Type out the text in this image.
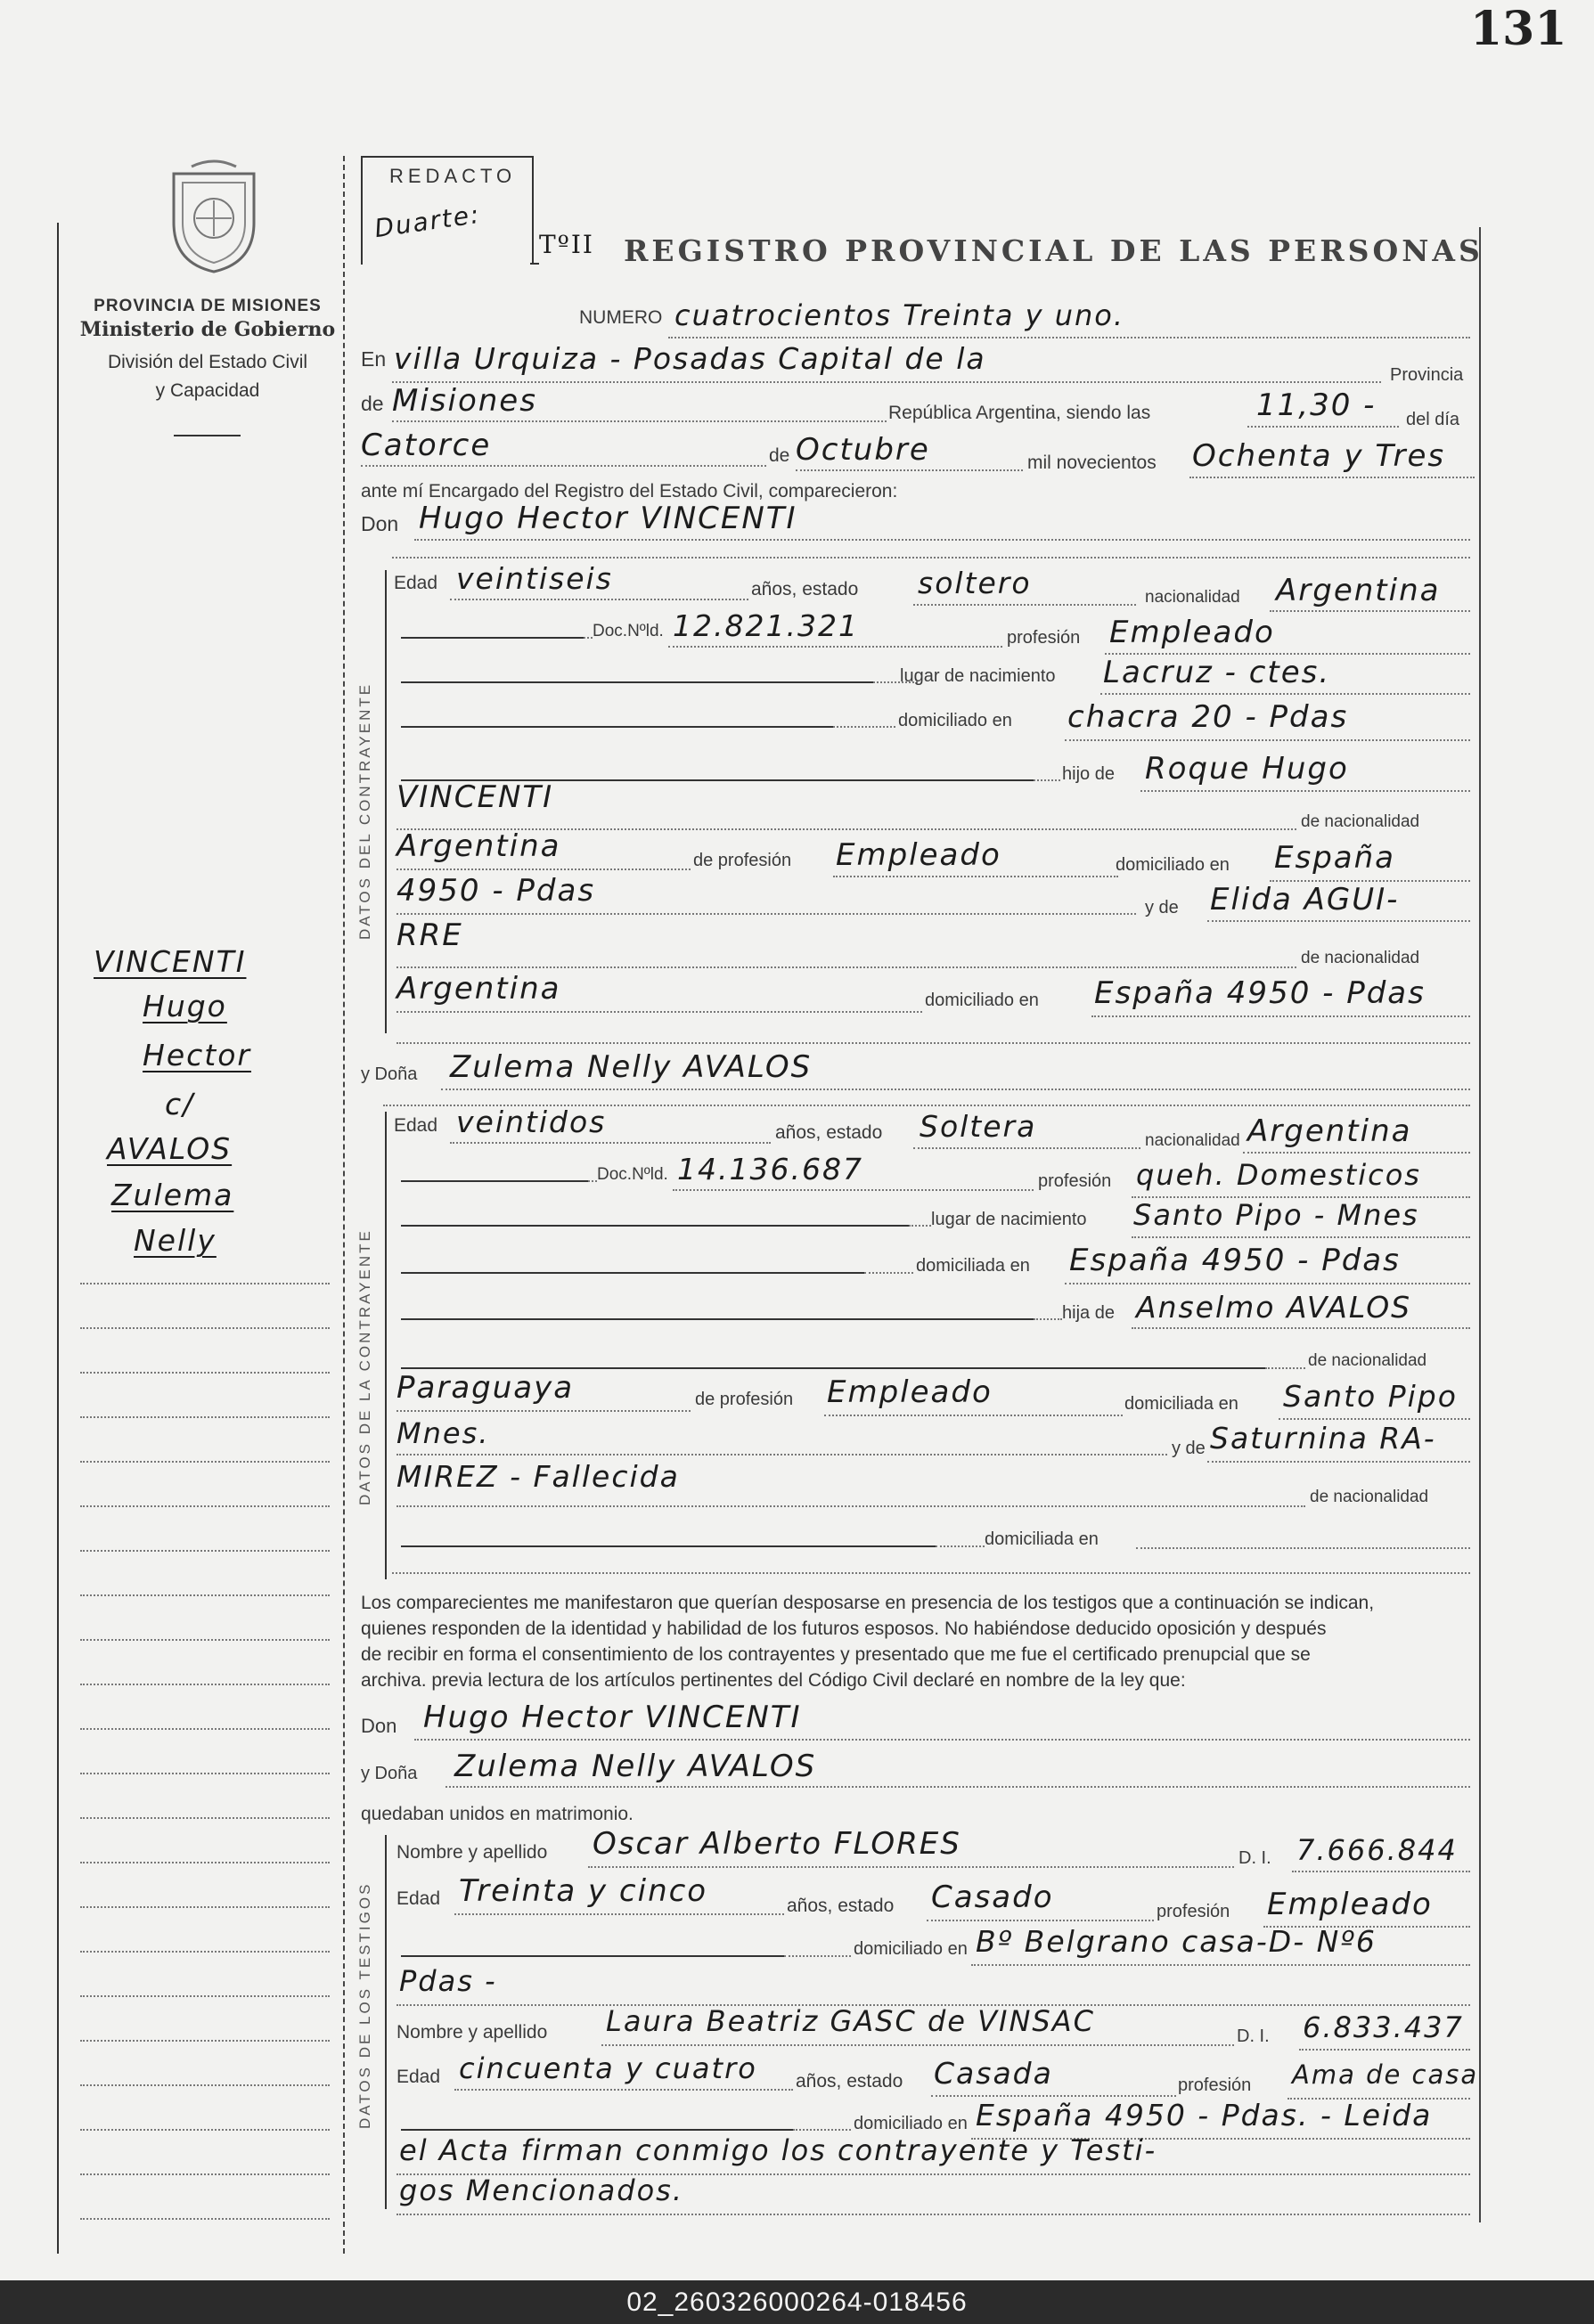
131
PROVINCIA DE MISIONES
Ministerio de Gobierno
División del Estado Civil
y Capacidad
REDACTO
Duarte:
TºII REGISTRO PROVINCIAL DE LAS PERSONAS
NUMERO cuatrocientos Treinta y uno.
En villa Urquiza - Posadas Capital de la	Provincia
de Misiones	República Argentina, siendo las	11,30 - del día
Catorce	de Octubre	mil novecientos Ochenta y Tres
ante mí Encargado del Registro del Estado Civil, comparecieron:
Don Hugo Hector VINCENTI
DATOS DEL CONTRAYENTE
Edad veintiseis	años, estado soltero	nacionalidad Argentina
Doc.Nºld. 12.821.321	profesión Empleado
lugar de nacimiento Lacruz - ctes.
domiciliado en chacra 20 - Pdas
hijo de Roque Hugo
VINCENTI
de nacionalidad
Argentina	de profesión Empleado	domiciliado en España
4950 - Pdas	y de Elida AGUI-
RRE
de nacionalidad
Argentina	domiciliado en España 4950 - Pdas
VINCENTI
Hugo
Hector
c/
AVALOS
Zulema
Nelly
y Doña Zulema Nelly AVALOS
DATOS DE LA CONTRAYENTE
Edad veintidos	años, estado Soltera	nacionalidad Argentina
Doc.Nºld. 14.136.687	profesión queh. Domesticos
lugar de nacimiento Santo Pipo - Mnes
domiciliada en España 4950 - Pdas
hija de Anselmo AVALOS
de nacionalidad
Paraguaya	de profesión Empleado	domiciliada en Santo Pipo
Mnes.	y de Saturnina RA-
MIREZ - Fallecida
de nacionalidad
domiciliada en
Los comparecientes me manifestaron que querían desposarse en presencia de los testigos que a continuación se indican,
quienes responden de la identidad y habilidad de los futuros esposos. No habiéndose deducido oposición y después
de recibir en forma el consentimiento de los contrayentes y presentado que me fue el certificado prenupcial que se
archiva. previa lectura de los artículos pertinentes del Código Civil declaré en nombre de la ley que:
Don Hugo Hector VINCENTI
y Doña Zulema Nelly AVALOS
quedaban unidos en matrimonio.
DATOS DE LOS TESTIGOS
Nombre y apellido Oscar Alberto FLORES	D. I. 7.666.844
Edad Treinta y cinco	años, estado Casado	profesión Empleado
domiciliado en Bº Belgrano casa-D- Nº6
Pdas -
Nombre y apellido Laura Beatriz GASC de VINSAC	D. I. 6.833.437
Edad cincuenta y cuatro años, estado Casada	profesión Ama de casa
domiciliado en España 4950 - Pdas. - Leida
el Acta firman conmigo los contrayente y Testi-
gos Mencionados.
02_260326000264-018456
